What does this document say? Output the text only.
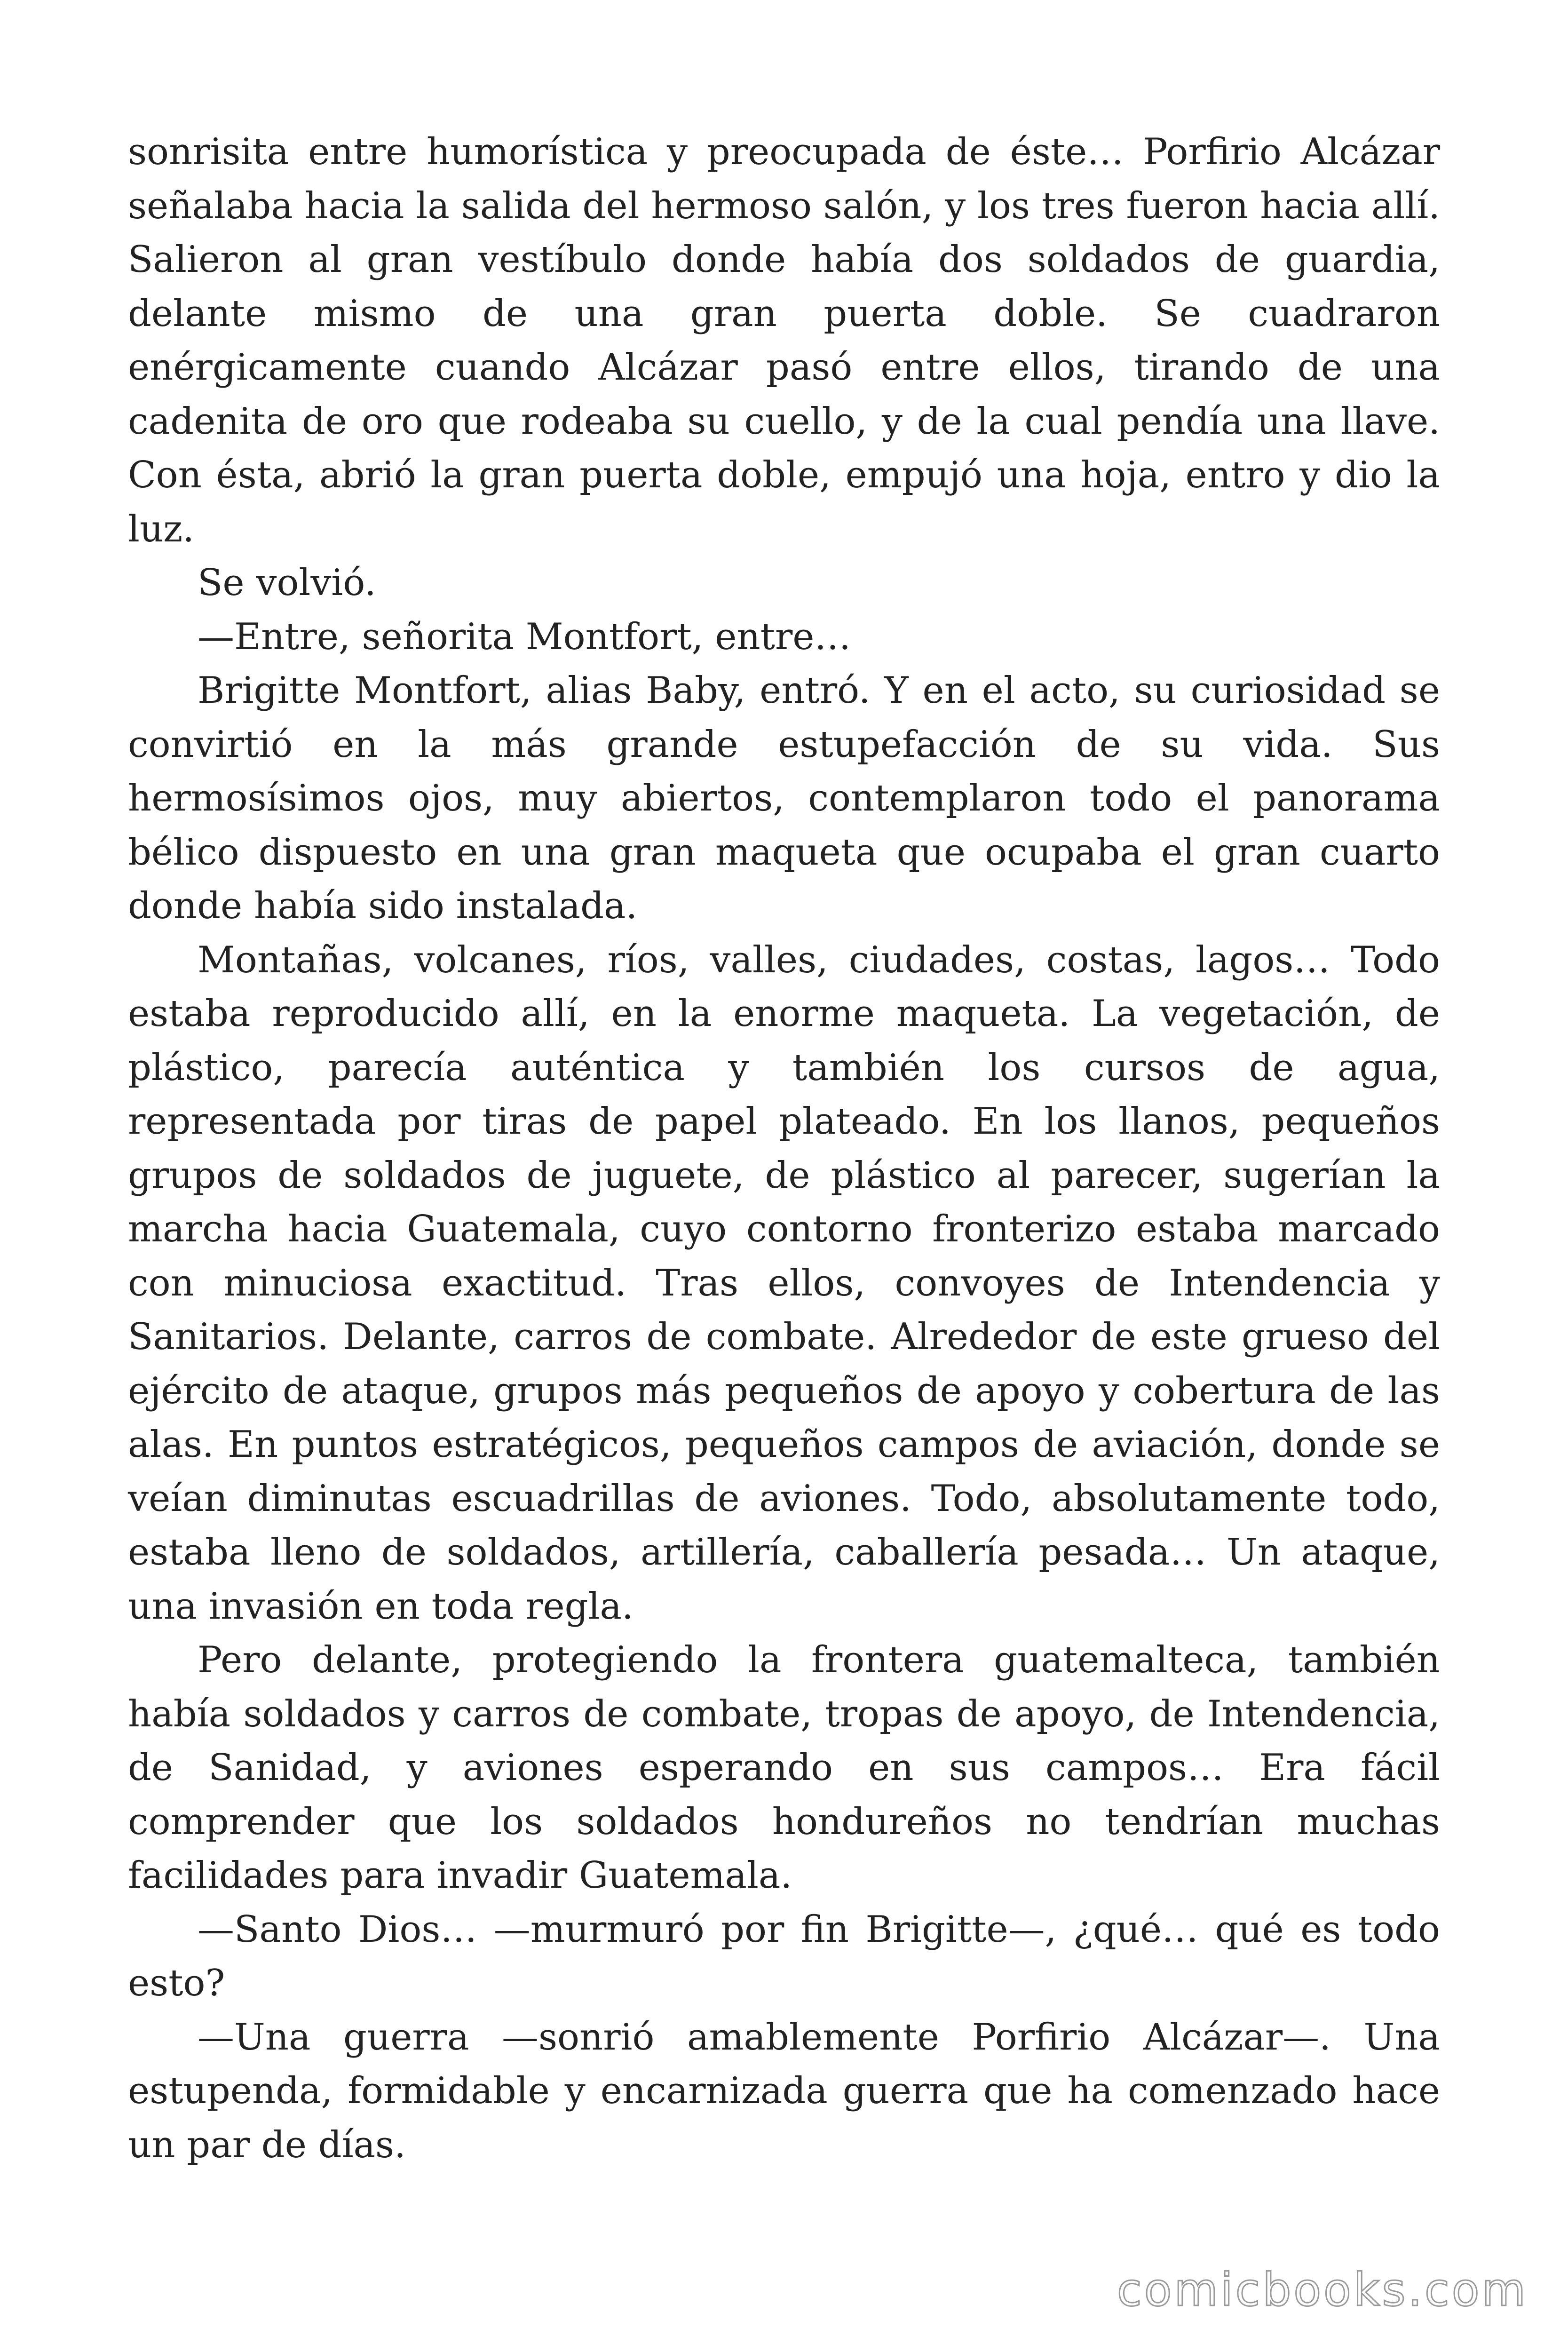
sonrisita entre humorística y preocupada de éste… Porfirio Alcázar señalaba hacia la salida del hermoso salón, y los tres fueron hacia allí. Salieron al gran vestíbulo donde había dos soldados de guardia, delante mismo de una gran puerta doble. Se cuadraron enérgicamente cuando Alcázar pasó entre ellos, tirando de una cadenita de oro que rodeaba su cuello, y de la cual pendía una llave. Con ésta, abrió la gran puerta doble, empujó una hoja, entro y dio la luz.

Se volvió.

—Entre, señorita Montfort, entre…

Brigitte Montfort, alias Baby, entró. Y en el acto, su curiosidad se convirtió en la más grande estupefacción de su vida. Sus hermosísimos ojos, muy abiertos, contemplaron todo el panorama bélico dispuesto en una gran maqueta que ocupaba el gran cuarto donde había sido instalada.

Montañas, volcanes, ríos, valles, ciudades, costas, lagos… Todo estaba reproducido allí, en la enorme maqueta. La vegetación, de plástico, parecía auténtica y también los cursos de agua, representada por tiras de papel plateado. En los llanos, pequeños grupos de soldados de juguete, de plástico al parecer, sugerían la marcha hacia Guatemala, cuyo contorno fronterizo estaba marcado con minuciosa exactitud. Tras ellos, convoyes de Intendencia y Sanitarios. Delante, carros de combate. Alrededor de este grueso del ejército de ataque, grupos más pequeños de apoyo y cobertura de las alas. En puntos estratégicos, pequeños campos de aviación, donde se veían diminutas escuadrillas de aviones. Todo, absolutamente todo, estaba lleno de soldados, artillería, caballería pesada… Un ataque, una invasión en toda regla.

Pero delante, protegiendo la frontera guatemalteca, también había soldados y carros de combate, tropas de apoyo, de Intendencia, de Sanidad, y aviones esperando en sus campos… Era fácil comprender que los soldados hondureños no tendrían muchas facilidades para invadir Guatemala.

—Santo Dios… —murmuró por fin Brigitte—, ¿qué… qué es todo esto?

—Una guerra —sonrió amablemente Porfirio Alcázar—. Una estupenda, formidable y encarnizada guerra que ha comenzado hace un par de días.

comicbooks.com
